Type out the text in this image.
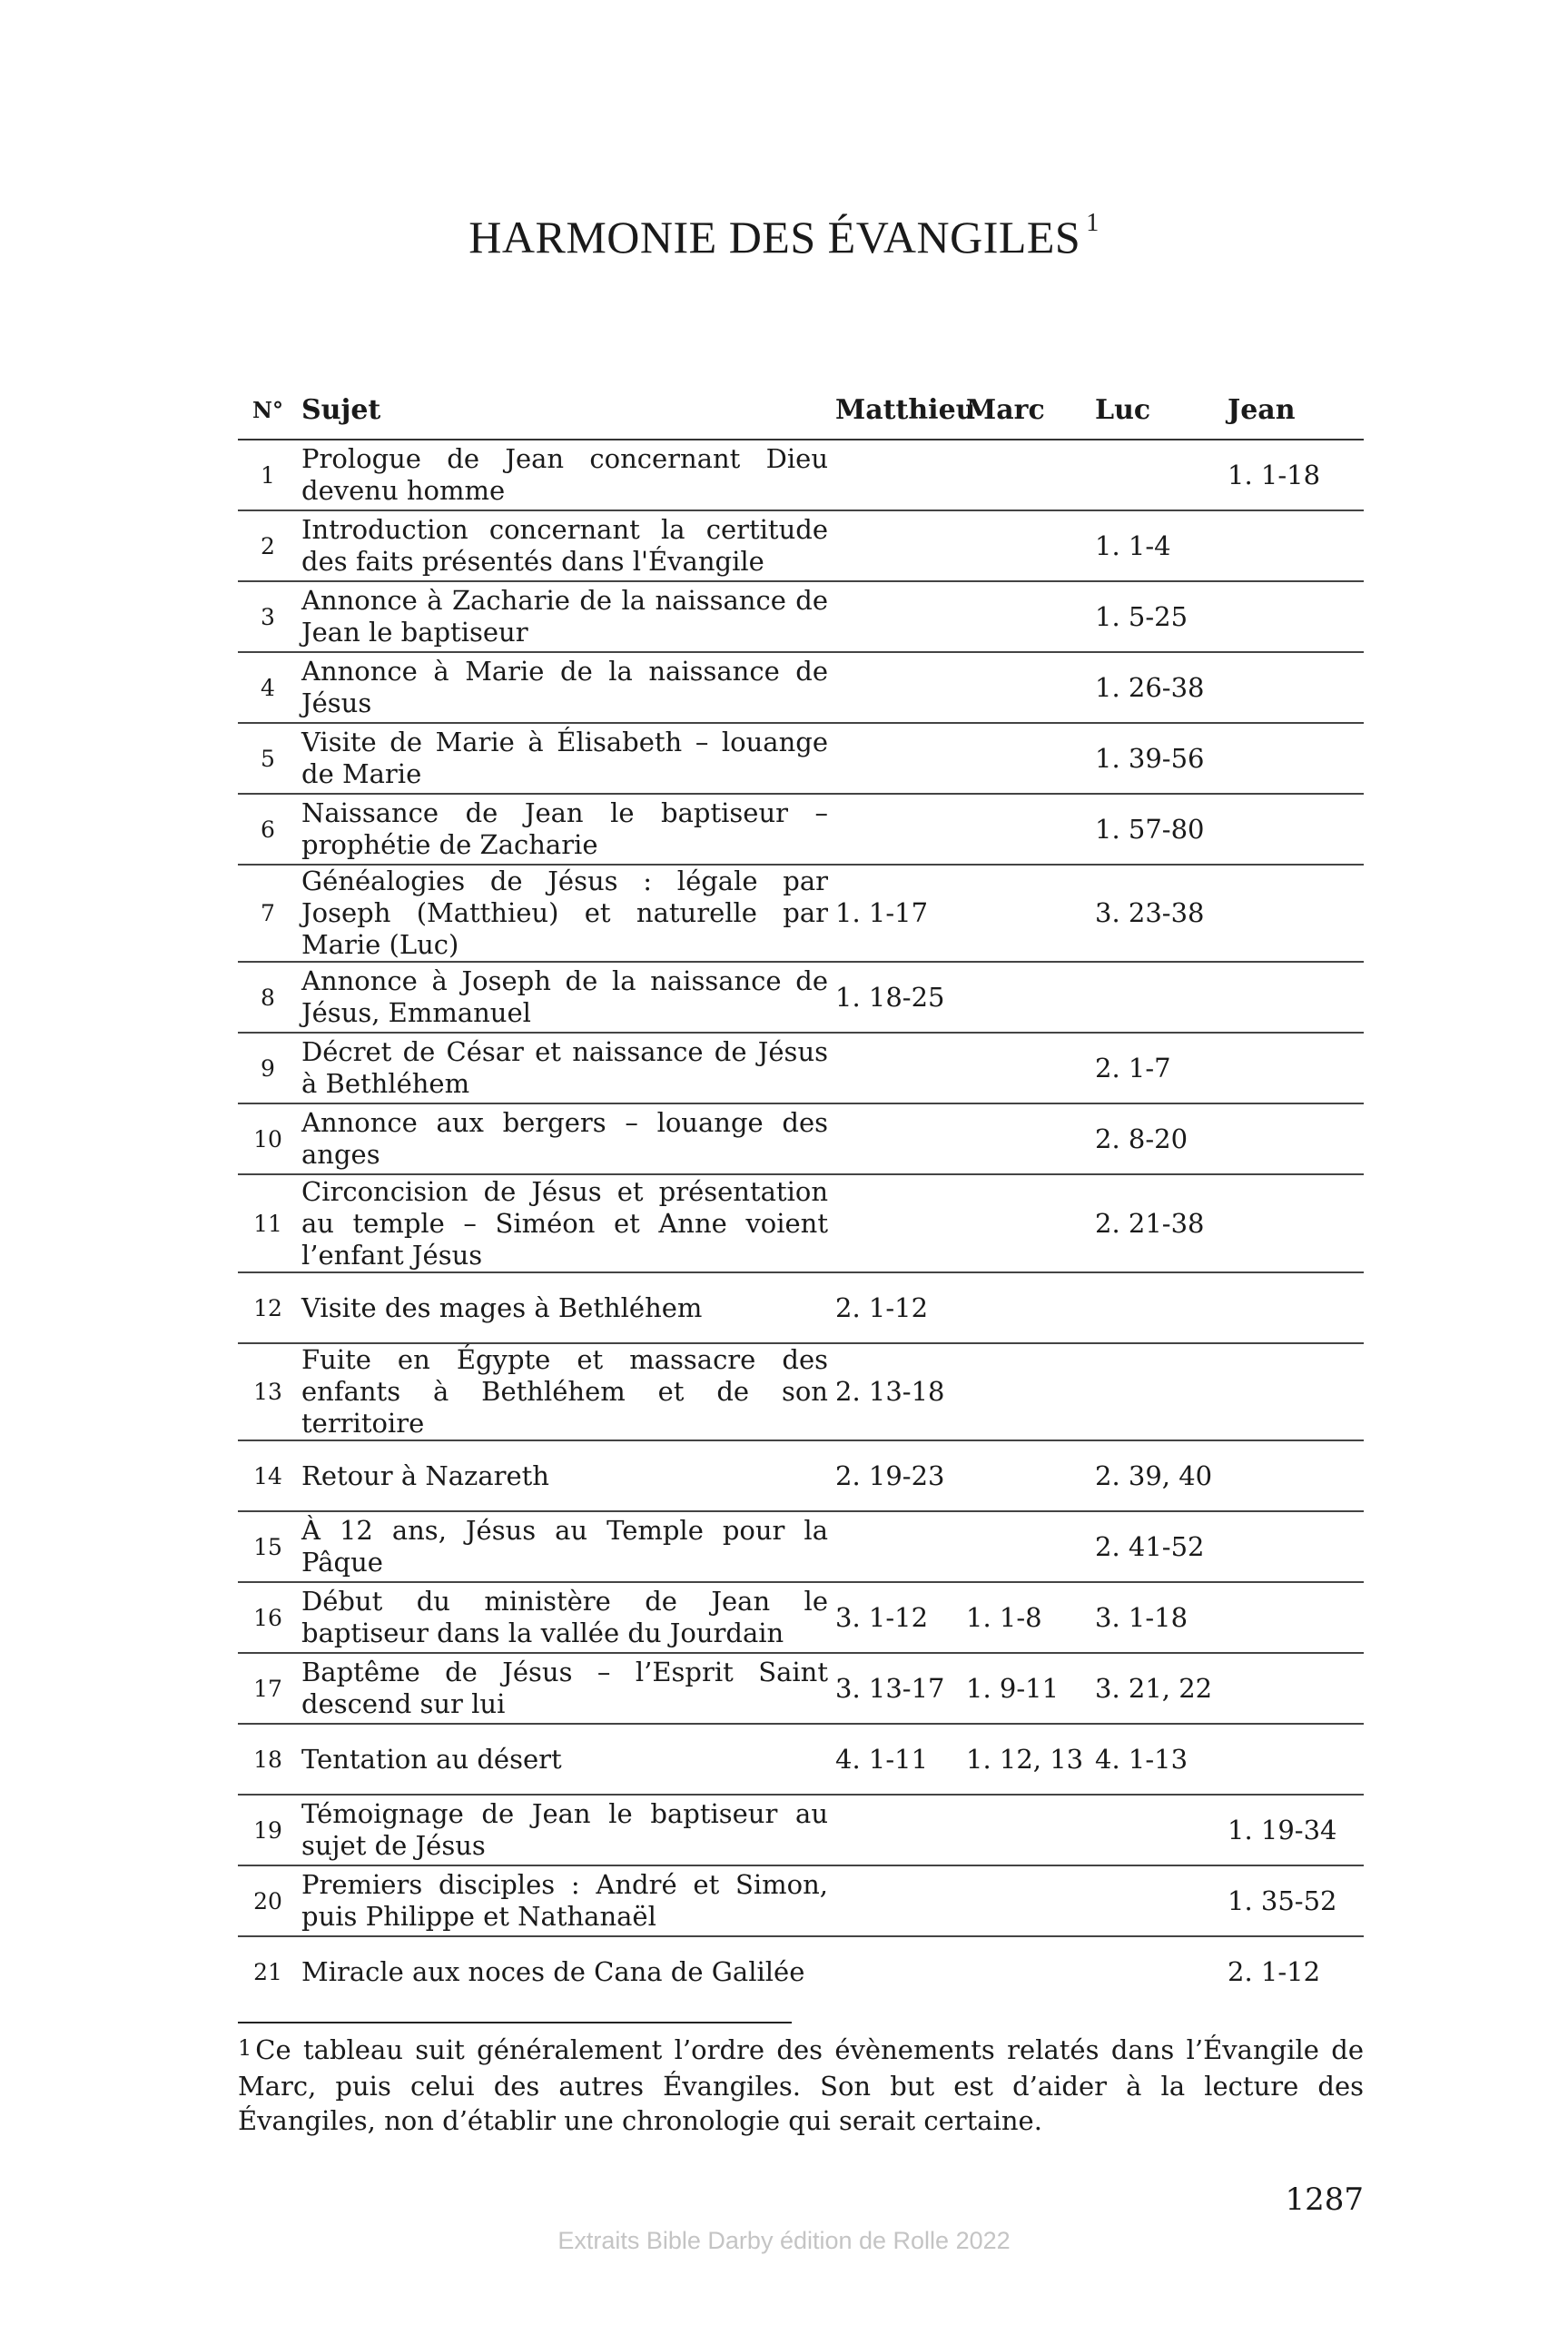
HARMONIE DES ÉVANGILES $^1$
N°	Sujet	Matthieu	Marc	Luc	Jean
1	Prologue de Jean concernant Dieu devenu homme				1. 1-18
2	Introduction concernant la certitude des faits présentés dans l'Évangile			1. 1-4	
3	Annonce à Zacharie de la naissance de Jean le baptiseur			1. 5-25	
4	Annonce à Marie de la naissance de Jésus			1. 26-38	
5	Visite de Marie à Élisabeth – louange de Marie			1. 39-56	
6	Naissance de Jean le baptiseur – prophétie de Zacharie			1. 57-80	
7	Généalogies de Jésus : légale par Joseph (Matthieu) et naturelle par Marie (Luc)	1. 1-17		3. 23-38	
8	Annonce à Joseph de la naissance de Jésus, Emmanuel	1. 18-25			
9	Décret de César et naissance de Jésus à Bethléhem			2. 1-7	
10	Annonce aux bergers – louange des anges			2. 8-20	
11	Circoncision de Jésus et présentation au temple – Siméon et Anne voient l’enfant Jésus			2. 21-38	
12	Visite des mages à Bethléhem	2. 1-12			
13	Fuite en Égypte et massacre des enfants à Bethléhem et de son territoire	2. 13-18			
14	Retour à Nazareth	2. 19-23		2. 39, 40	
15	À 12 ans, Jésus au Temple pour la Pâque			2. 41-52	
16	Début du ministère de Jean le baptiseur dans la vallée du Jourdain	3. 1-12	1. 1-8	3. 1-18	
17	Baptême de Jésus – l’Esprit Saint descend sur lui	3. 13-17	1. 9-11	3. 21, 22	
18	Tentation au désert	4. 1-11	1. 12, 13	4. 1-13	
19	Témoignage de Jean le baptiseur au sujet de Jésus				1. 19-34
20	Premiers disciples : André et Simon, puis Philippe et Nathanaël				1. 35-52
21	Miracle aux noces de Cana de Galilée				2. 1-12

$^1$ Ce tableau suit généralement l’ordre des évènements relatés dans l’Évangile de Marc, puis celui des autres Évangiles. Son but est d’aider à la lecture des Évangiles, non d’établir une chronologie qui serait certaine.

1287

Extraits Bible Darby édition de Rolle 2022
